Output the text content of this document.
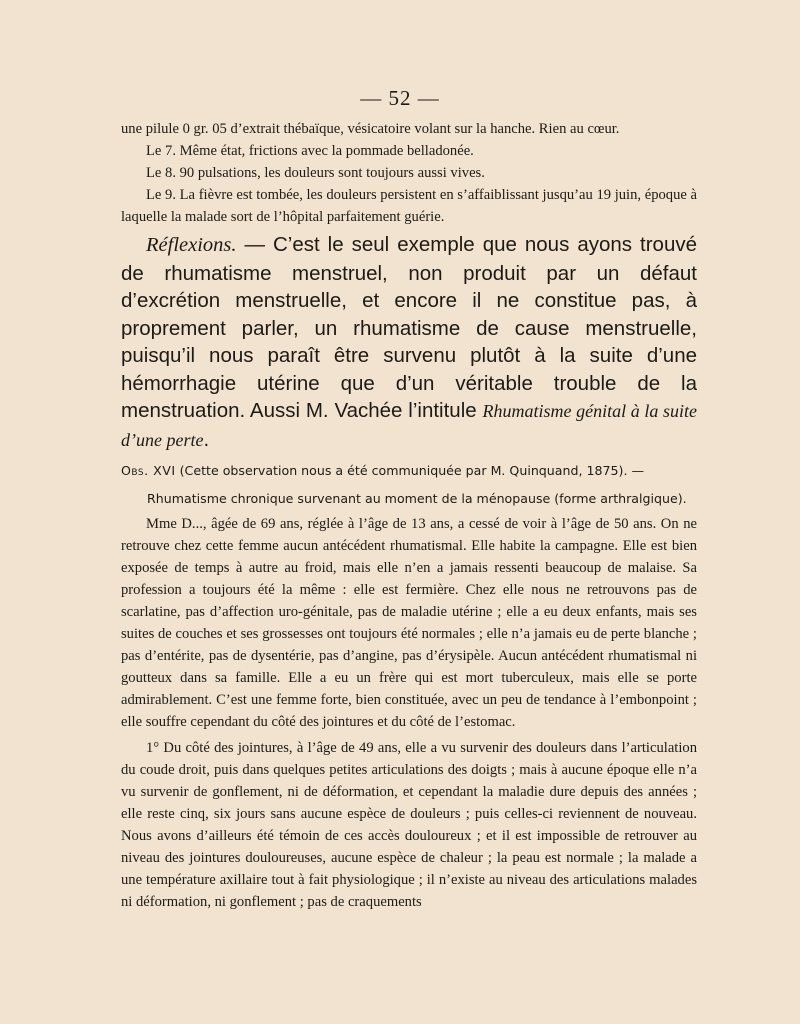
— 52 —

une pilule 0 gr. 05 d’extrait thébaïque, vésicatoire volant sur la hanche. Rien au cœur.

Le 7. Même état, frictions avec la pommade belladonée.

Le 8. 90 pulsations, les douleurs sont toujours aussi vives.

Le 9. La fièvre est tombée, les douleurs persistent en s’affaiblissant jusqu’au 19 juin, époque à laquelle la malade sort de l’hôpital parfaitement guérie.

Réflexions. — C’est le seul exemple que nous ayons trouvé de rhumatisme menstruel, non produit par un défaut d’excrétion menstruelle, et encore il ne constitue pas, à proprement parler, un rhumatisme de cause menstruelle, puisqu’il nous paraît être survenu plutôt à la suite d’une hémorrhagie utérine que d’un véritable trouble de la menstruation. Aussi M. Vachée l’intitule Rhumatisme génital à la suite d’une perte.

Obs. XVI (Cette observation nous a été communiquée par M. Quinquand, 1875). —

Rhumatisme chronique survenant au moment de la ménopause (forme arthralgique).

Mme D..., âgée de 69 ans, réglée à l’âge de 13 ans, a cessé de voir à l’âge de 50 ans. On ne retrouve chez cette femme aucun antécédent rhumatismal. Elle habite la campagne. Elle est bien exposée de temps à autre au froid, mais elle n’en a jamais ressenti beaucoup de malaise. Sa profession a toujours été la même : elle est fermière. Chez elle nous ne retrouvons pas de scarlatine, pas d’affection uro-génitale, pas de maladie utérine ; elle a eu deux enfants, mais ses suites de couches et ses grossesses ont toujours été normales ; elle n’a jamais eu de perte blanche ; pas d’entérite, pas de dysentérie, pas d’angine, pas d’érysipèle. Aucun antécédent rhumatismal ni goutteux dans sa famille. Elle a eu un frère qui est mort tuberculeux, mais elle se porte admirablement. C’est une femme forte, bien constituée, avec un peu de tendance à l’embonpoint ; elle souffre cependant du côté des jointures et du côté de l’estomac.

1° Du côté des jointures, à l’âge de 49 ans, elle a vu survenir des douleurs dans l’articulation du coude droit, puis dans quelques petites articulations des doigts ; mais à aucune époque elle n’a vu survenir de gonflement, ni de déformation, et cependant la maladie dure depuis des années ; elle reste cinq, six jours sans aucune espèce de douleurs ; puis celles-ci reviennent de nouveau. Nous avons d’ailleurs été témoin de ces accès douloureux ; et il est impossible de retrouver au niveau des jointures douloureuses, aucune espèce de chaleur ; la peau est normale ; la malade a une température axillaire tout à fait physiologique ; il n’existe au niveau des articulations malades ni déformation, ni gonflement ; pas de craquements
